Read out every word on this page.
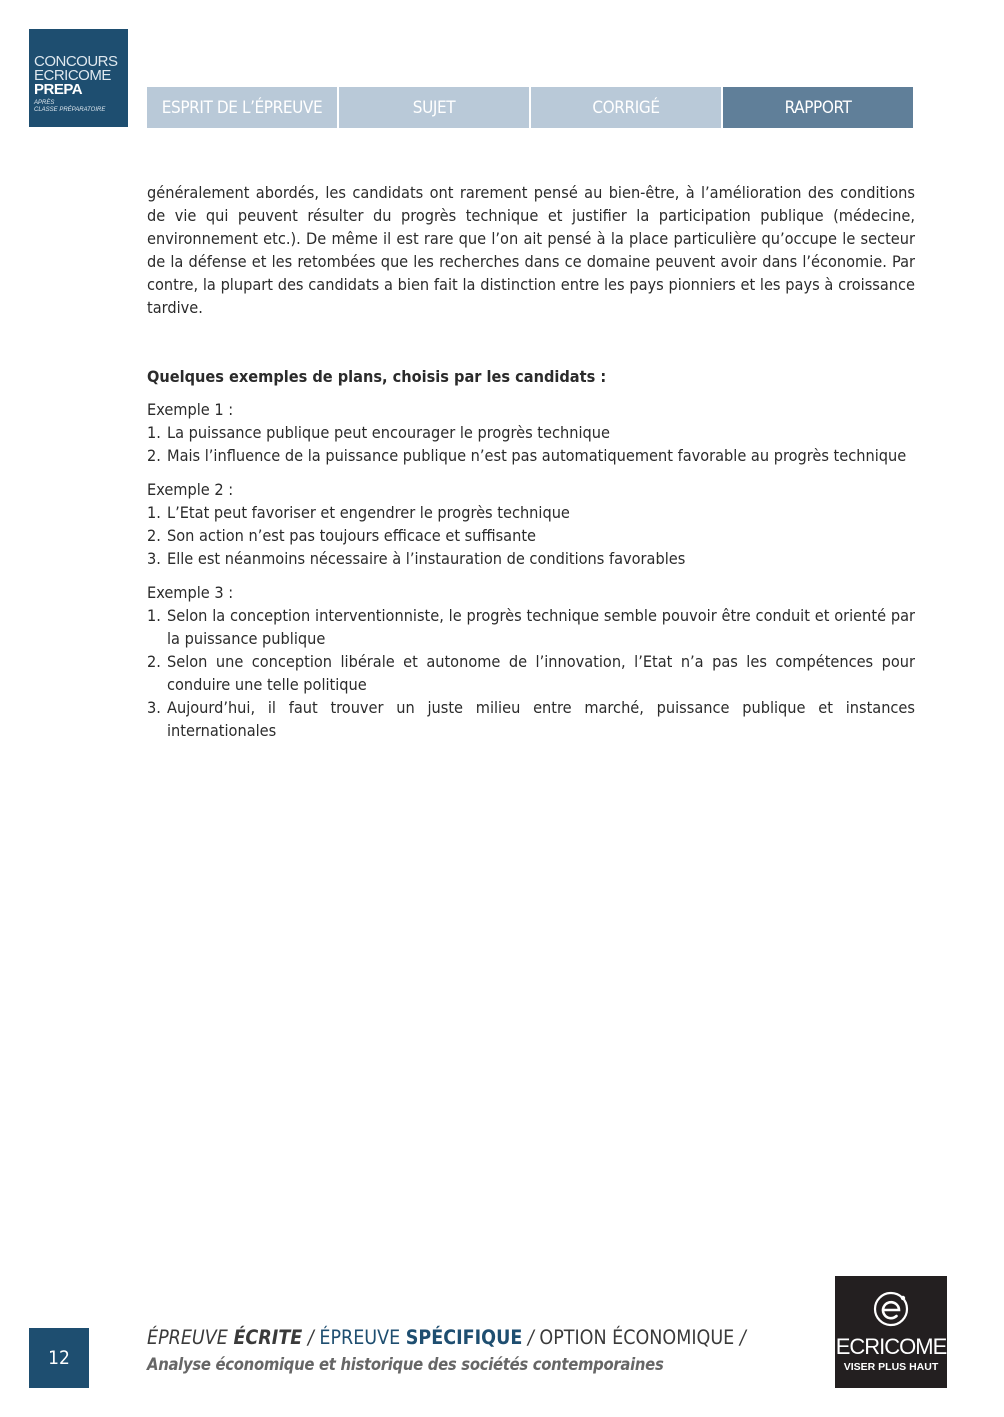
CONCOURS
ECRICOME
PREPA
APRÈS
CLASSE PRÉPARATOIRE	ESPRIT DE L’ÉPREUVE	SUJET	CORRIGÉ	RAPPORT

généralement abordés, les candidats ont rarement pensé au bien-être, à l’amélioration des conditions de vie qui peuvent résulter du progrès technique et justifier la participation publique (médecine, environnement etc.). De même il est rare que l’on ait pensé à la place particulière qu’occupe le secteur de la défense et les retombées que les recherches dans ce domaine peuvent avoir dans l’économie. Par contre, la plupart des candidats a bien fait la distinction entre les pays pionniers et les pays à croissance tardive.

Quelques exemples de plans, choisis par les candidats :

Exemple 1 :

1. La puissance publique peut encourager le progrès technique
2. Mais l’influence de la puissance publique n’est pas automatiquement favorable au progrès technique

Exemple 2 :

1. L’Etat peut favoriser et engendrer le progrès technique
2. Son action n’est pas toujours efficace et suffisante
3. Elle est néanmoins nécessaire à l’instauration de conditions favorables

Exemple 3 :

1. Selon la conception interventionniste, le progrès technique semble pouvoir être conduit et orienté par la puissance publique
2. Selon une conception libérale et autonome de l’innovation, l’Etat n’a pas les compétences pour conduire une telle politique
3. Aujourd’hui, il faut trouver un juste milieu entre marché, puissance publique et instances internationales
12
ÉPREUVE ÉCRITE / ÉPREUVE SPÉCIFIQUE / OPTION ÉCONOMIQUE /
Analyse économique et historique des sociétés contemporaines
ECRICOME
VISER PLUS HAUT
